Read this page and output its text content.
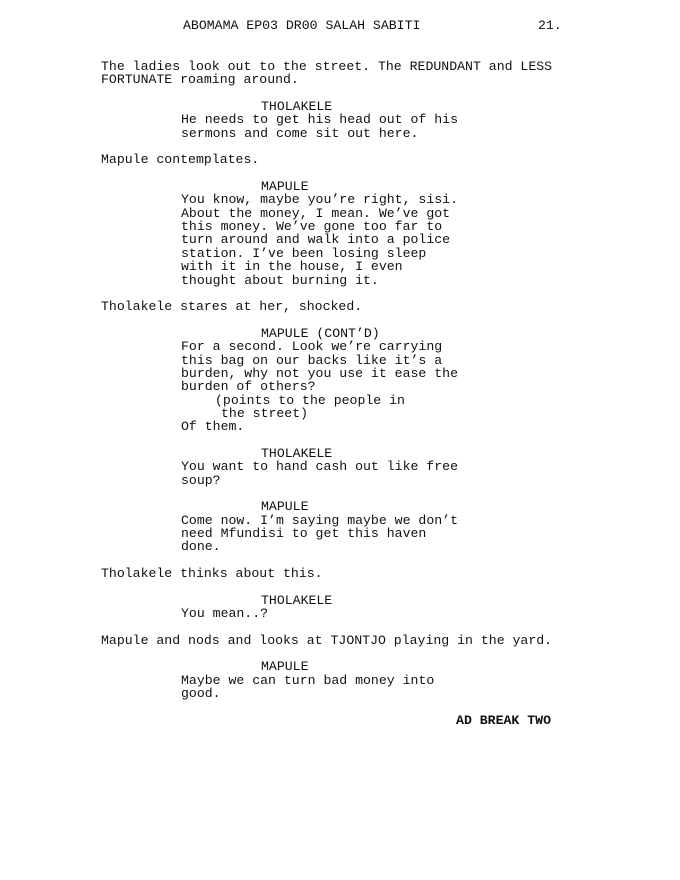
ABOMAMA EP03 DR00 SALAH SABITI	21.
The ladies look out to the street. The REDUNDANT and LESS
FORTUNATE roaming around.
THOLAKELE
He needs to get his head out of his
sermons and come sit out here.
Mapule contemplates.
MAPULE
You know, maybe you’re right, sisi.
About the money, I mean. We’ve got
this money. We’ve gone too far to
turn around and walk into a police
station. I’ve been losing sleep
with it in the house, I even
thought about burning it.
Tholakele stares at her, shocked.
MAPULE (CONT’D)
For a second. Look we’re carrying
this bag on our backs like it’s a
burden, why not you use it ease the
burden of others?
(points to the people in
the street)
Of them.
THOLAKELE
You want to hand cash out like free
soup?
MAPULE
Come now. I’m saying maybe we don’t
need Mfundisi to get this haven
done.
Tholakele thinks about this.
THOLAKELE
You mean..?
Mapule and nods and looks at TJONTJO playing in the yard.
MAPULE
Maybe we can turn bad money into
good.
AD BREAK TWO
